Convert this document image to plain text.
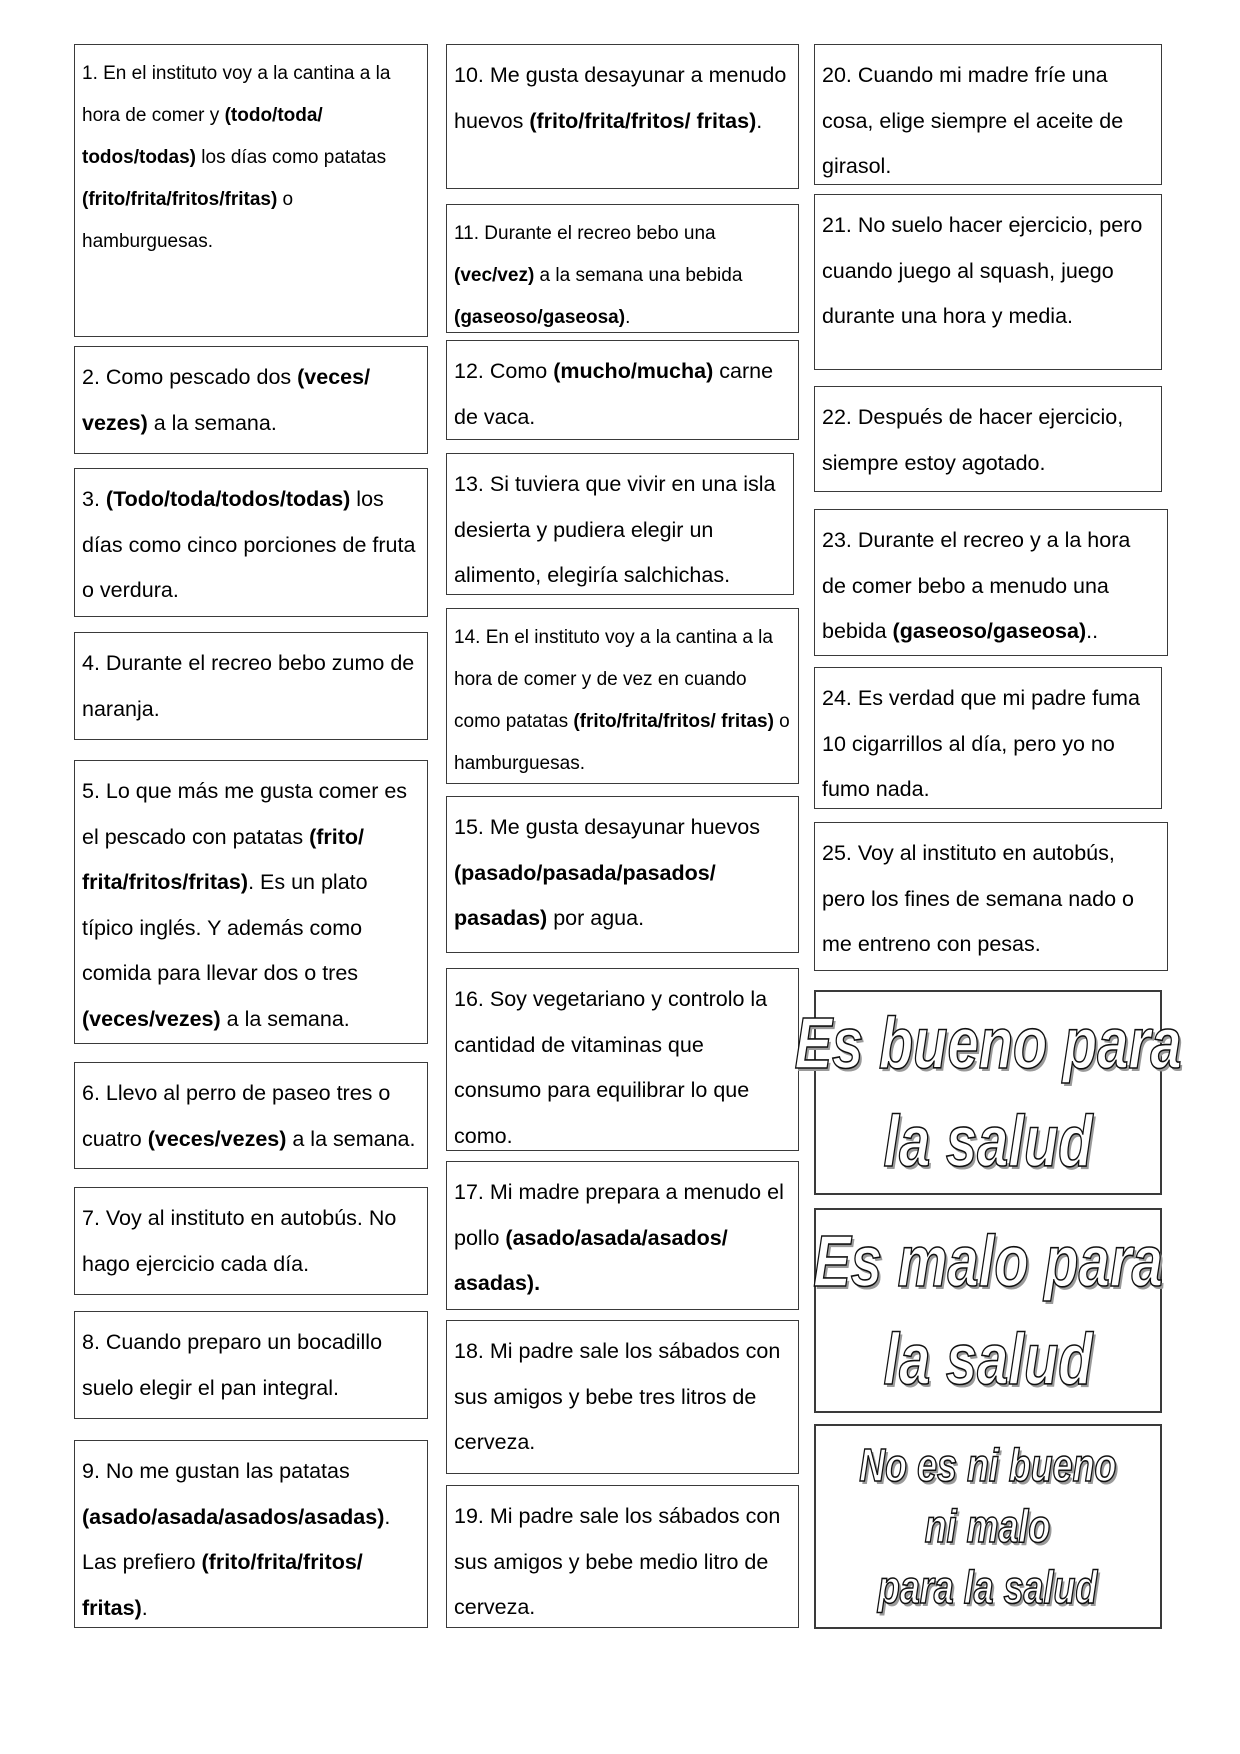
1. En el instituto voy a la cantina a la hora de comer y (todo/toda/ todos/todas) los días como patatas (frito/frita/fritos/fritas) o hamburguesas.
2. Como pescado dos (veces/ vezes) a la semana.
3. (Todo/toda/todos/todas) los días como cinco porciones de fruta o verdura.
4. Durante el recreo bebo zumo de naranja.
5. Lo que más me gusta comer es el pescado con patatas (frito/ frita/fritos/fritas). Es un plato típico inglés. Y además como comida para llevar dos o tres (veces/vezes) a la semana.
6. Llevo al perro de paseo tres o cuatro (veces/vezes) a la semana.
7. Voy al instituto en autobús. No hago ejercicio cada día.
8. Cuando preparo un bocadillo suelo elegir el pan integral.
9. No me gustan las patatas (asado/asada/asados/asadas). Las prefiero (frito/frita/fritos/ fritas).
10. Me gusta desayunar a menudo huevos (frito/frita/fritos/ fritas).
11. Durante el recreo bebo una (vec/vez) a la semana una bebida (gaseoso/gaseosa).
12. Como (mucho/mucha) carne de vaca.
13. Si tuviera que vivir en una isla desierta y pudiera elegir un alimento, elegiría salchichas.
14. En el instituto voy a la cantina a la hora de comer y de vez en cuando como patatas (frito/frita/fritos/ fritas) o hamburguesas.
15. Me gusta desayunar huevos (pasado/pasada/pasados/ pasadas) por agua.
16. Soy vegetariano y controlo la cantidad de vitaminas que consumo para equilibrar lo que como.
17. Mi madre prepara a menudo el pollo (asado/asada/asados/ asadas).
18. Mi padre sale los sábados con sus amigos y bebe tres litros de cerveza.
19. Mi padre sale los sábados con sus amigos y bebe medio litro de cerveza.
20. Cuando mi madre fríe una cosa, elige siempre el aceite de girasol.
21. No suelo hacer ejercicio, pero cuando juego al squash, juego durante una hora y media.
22. Después de hacer ejercicio, siempre estoy agotado.
23. Durante el recreo y a la hora de comer bebo a menudo una bebida (gaseoso/gaseosa)..
24. Es verdad que mi padre fuma 10 cigarrillos al día, pero yo no fumo nada.
25. Voy al instituto en autobús, pero los fines de semana nado o me entreno con pesas.
Es bueno para
la salud
Es malo para
la salud
No es ni bueno
ni malo
para la salud
